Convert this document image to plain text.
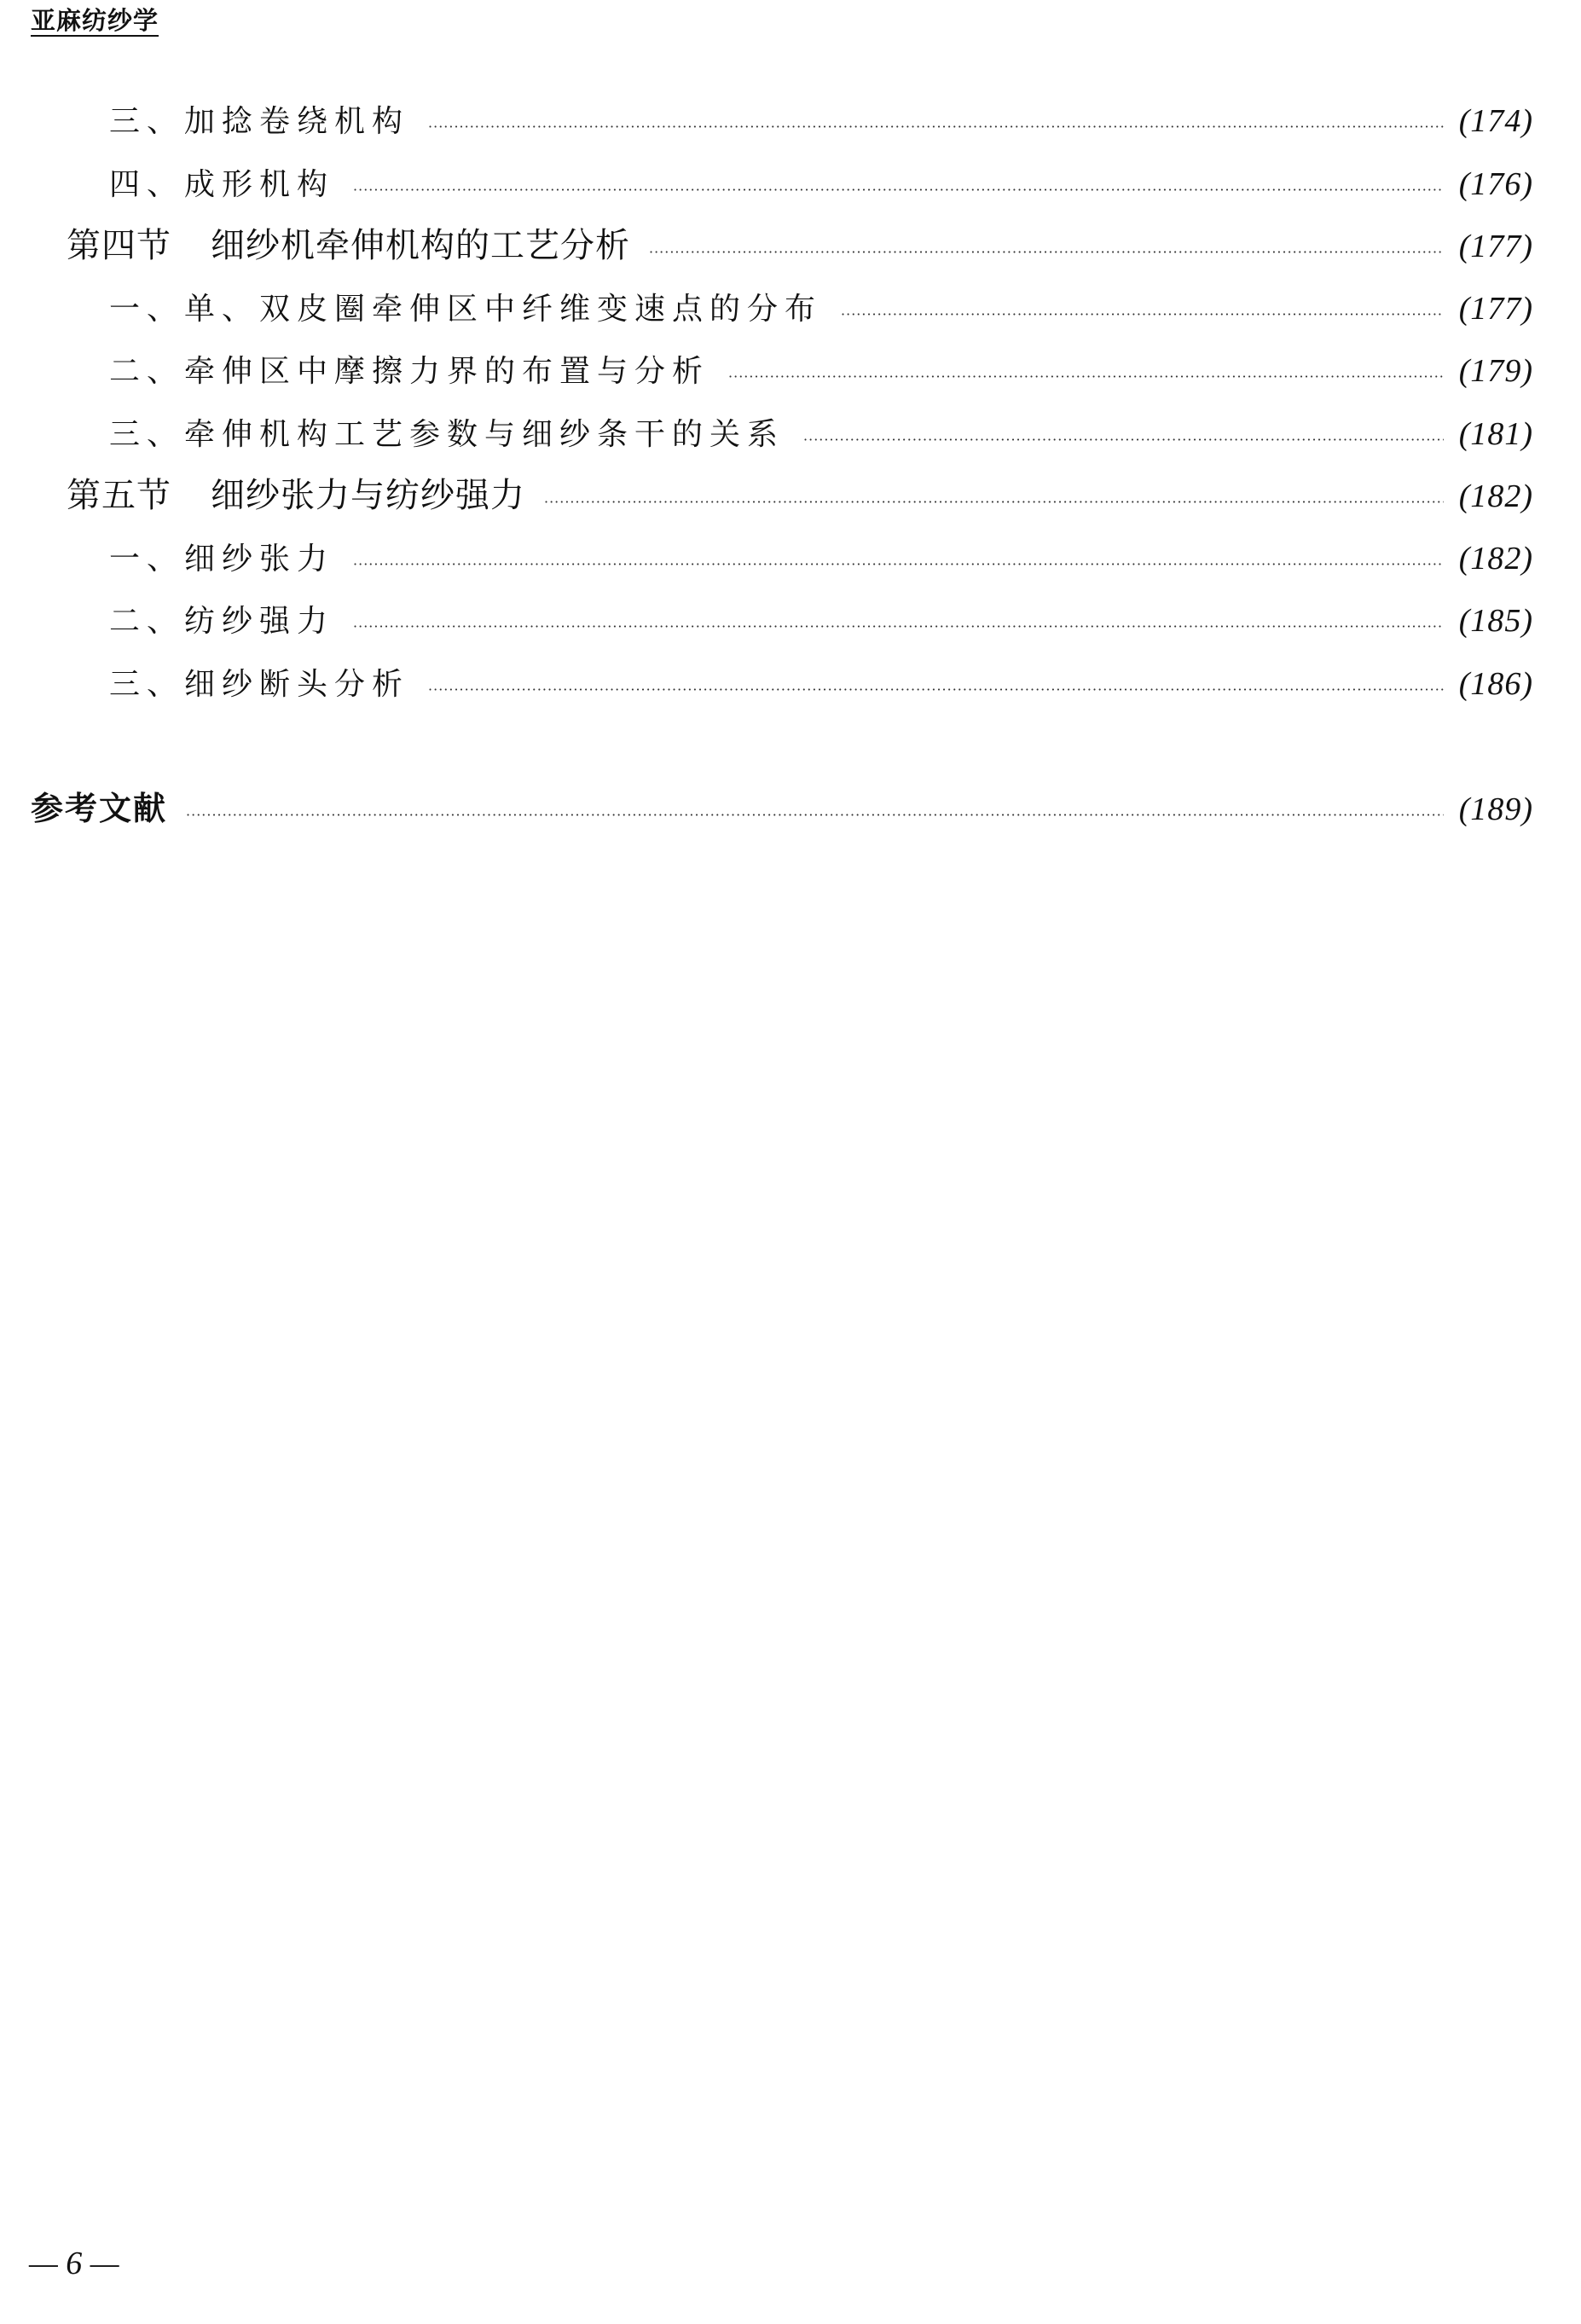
亚麻纺纱学
三、加捻卷绕机构 ·····	(174)
四、成形机构 ·····	(176)
第四节 细纱机牵伸机构的工艺分析 ·····	(177)
一、单、双皮圈牵伸区中纤维变速点的分布 ·····	(177)
二、牵伸区中摩擦力界的布置与分析 ·····	(179)
三、牵伸机构工艺参数与细纱条干的关系 ·····	(181)
第五节 细纱张力与纺纱强力 ·····	(182)
一、细纱张力 ·····	(182)
二、纺纱强力 ·····	(185)
三、细纱断头分析 ·····	(186)
参考文献 ·····	(189)
— 6 —
